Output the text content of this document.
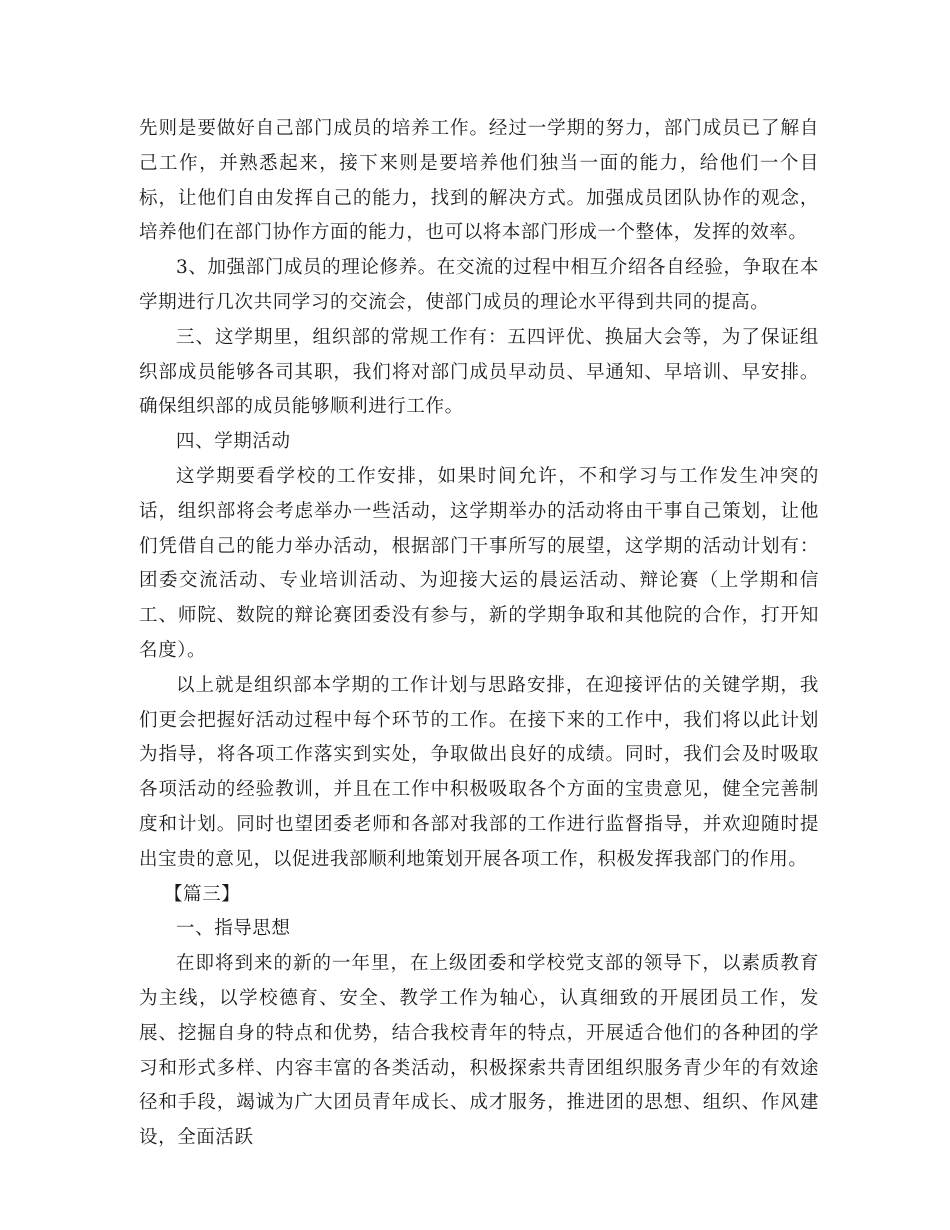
先则是要做好自己部门成员的培养工作。经过一学期的努力，部门成员已了解自己工作，并熟悉起来，接下来则是要培养他们独当一面的能力，给他们一个目标，让他们自由发挥自己的能力，找到的解决方式。加强成员团队协作的观念，培养他们在部门协作方面的能力，也可以将本部门形成一个整体，发挥的效率。

3、加强部门成员的理论修养。在交流的过程中相互介绍各自经验，争取在本学期进行几次共同学习的交流会，使部门成员的理论水平得到共同的提高。

三、这学期里，组织部的常规工作有：五四评优、换届大会等，为了保证组织部成员能够各司其职，我们将对部门成员早动员、早通知、早培训、早安排。确保组织部的成员能够顺利进行工作。

四、学期活动

这学期要看学校的工作安排，如果时间允许，不和学习与工作发生冲突的话，组织部将会考虑举办一些活动，这学期举办的活动将由干事自己策划，让他们凭借自己的能力举办活动，根据部门干事所写的展望，这学期的活动计划有：团委交流活动、专业培训活动、为迎接大运的晨运活动、辩论赛（上学期和信工、师院、数院的辩论赛团委没有参与，新的学期争取和其他院的合作，打开知名度）。

以上就是组织部本学期的工作计划与思路安排，在迎接评估的关键学期，我们更会把握好活动过程中每个环节的工作。在接下来的工作中，我们将以此计划为指导，将各项工作落实到实处，争取做出良好的成绩。同时，我们会及时吸取各项活动的经验教训，并且在工作中积极吸取各个方面的宝贵意见，健全完善制度和计划。同时也望团委老师和各部对我部的工作进行监督指导，并欢迎随时提出宝贵的意见，以促进我部顺利地策划开展各项工作，积极发挥我部门的作用。

【篇三】

一、指导思想

在即将到来的新的一年里，在上级团委和学校党支部的领导下，以素质教育为主线，以学校德育、安全、教学工作为轴心，认真细致的开展团员工作，发展、挖掘自身的特点和优势，结合我校青年的特点，开展适合他们的各种团的学习和形式多样、内容丰富的各类活动，积极探索共青团组织服务青少年的有效途径和手段，竭诚为广大团员青年成长、成才服务，推进团的思想、组织、作风建设，全面活跃
